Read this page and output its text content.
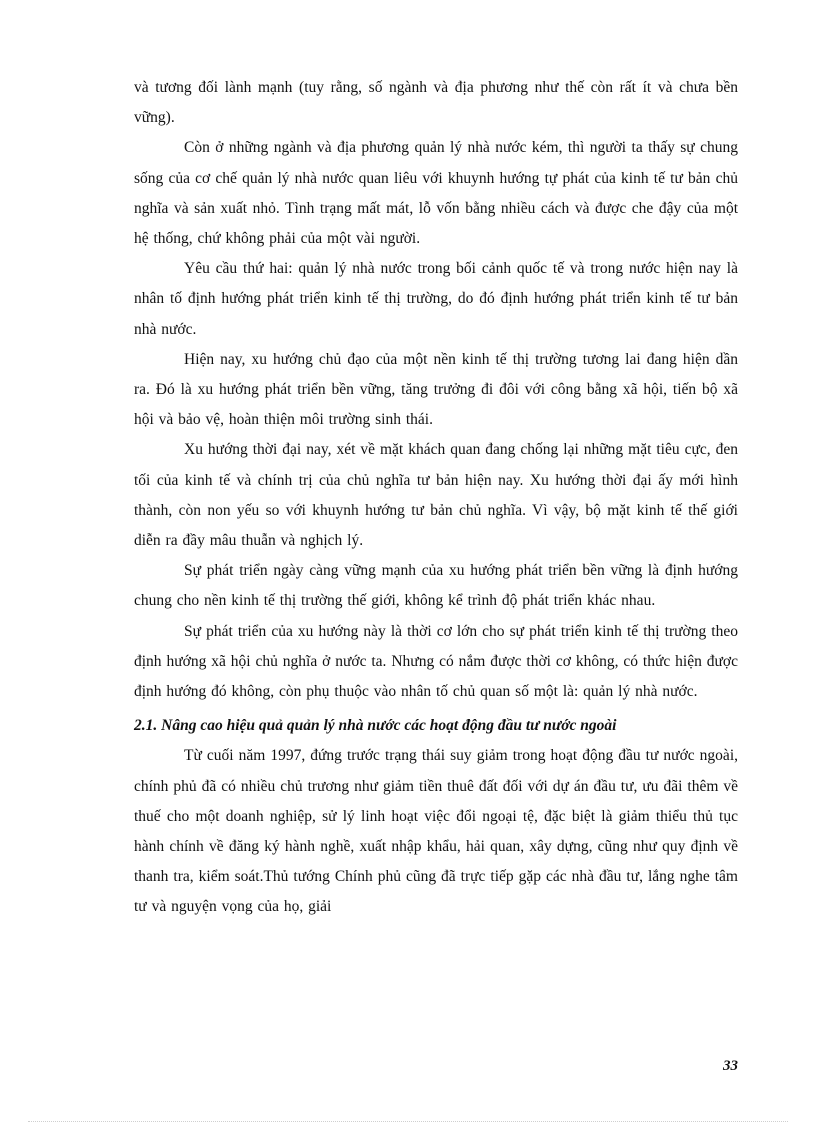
và tương đối lành mạnh (tuy rằng, số ngành và địa phương như thế còn rất ít và chưa bền vững).

Còn ở những ngành và địa phương quản lý nhà nước kém, thì người ta thấy sự chung sống của cơ chế quản lý nhà nước quan liêu với khuynh hướng tự phát của kinh tế tư bản chủ nghĩa và sản xuất nhỏ. Tình trạng mất mát, lỗ vốn bằng nhiều cách và được che đậy của một hệ thống, chứ không phải của một vài người.

Yêu cầu thứ hai: quản lý nhà nước trong bối cảnh quốc tế và trong nước hiện nay là nhân tố định hướng phát triển kinh tế thị trường, do đó định hướng phát triển kinh tế tư bản nhà nước.

Hiện nay, xu hướng chủ đạo của một nền kinh tế thị trường tương lai đang hiện dần ra. Đó là xu hướng phát triển bền vững, tăng trưởng đi đôi với công bằng xã hội, tiến bộ xã hội và bảo vệ, hoàn thiện môi trường sinh thái.

Xu hướng thời đại nay, xét về mặt khách quan đang chống lại những mặt tiêu cực, đen tối của kinh tế và chính trị của chủ nghĩa tư bản hiện nay. Xu hướng thời đại ấy mới hình thành, còn non yếu so với khuynh hướng tư bản chủ nghĩa. Vì vậy, bộ mặt kinh tế thế giới diễn ra đầy mâu thuẫn và nghịch lý.

Sự phát triển ngày càng vững mạnh của xu hướng phát triển bền vững là định hướng chung cho nền kinh tế thị trường thế giới, không kể trình độ phát triển khác nhau.

Sự phát triển của xu hướng này là thời cơ lớn cho sự phát triển kinh tế thị trường theo định hướng xã hội chủ nghĩa ở nước ta. Nhưng có nắm được thời cơ không, có thức hiện được định hướng đó không, còn phụ thuộc vào nhân tố chủ quan số một là: quản lý nhà nước.

2.1. Nâng cao hiệu quả quản lý nhà nước các hoạt động đầu tư nước ngoài

Từ cuối năm 1997, đứng trước trạng thái suy giảm trong hoạt động đầu tư nước ngoài, chính phủ đã có nhiều chủ trương như giảm tiền thuê đất đối với dự án đầu tư, ưu đãi thêm về thuế cho một doanh nghiệp, sử lý linh hoạt việc đổi ngoại tệ, đặc biệt là giảm thiểu thủ tục hành chính về đăng ký hành nghề, xuất nhập khẩu, hải quan, xây dựng, cũng như quy định về thanh tra, kiểm soát.Thủ tướng Chính phủ cũng đã trực tiếp gặp các nhà đầu tư, lắng nghe tâm tư và nguyện vọng của họ, giải

33
